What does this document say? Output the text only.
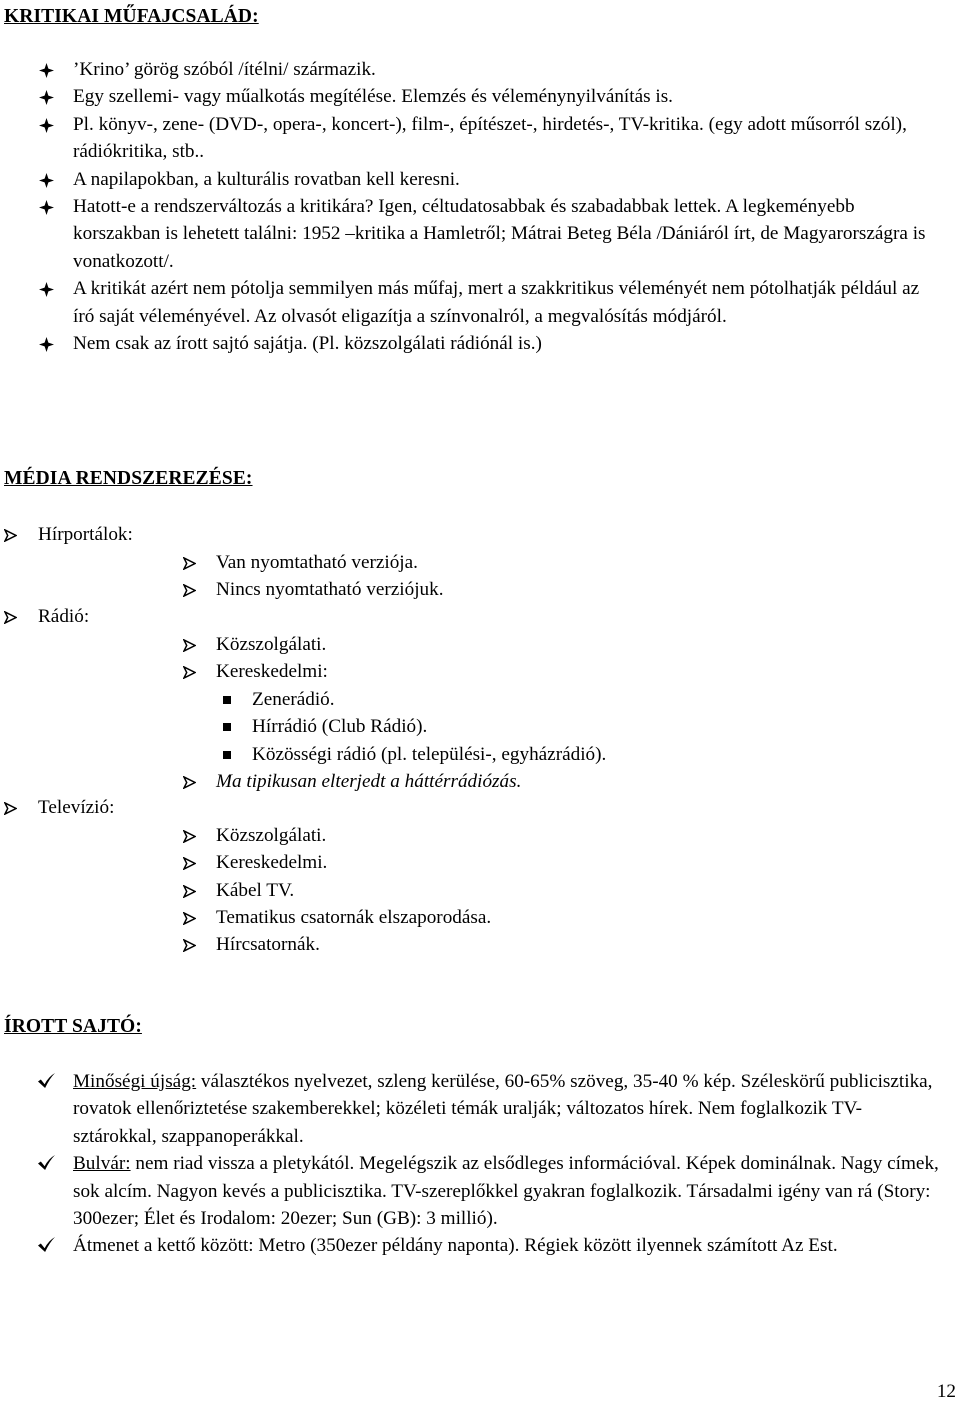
KRITIKAI MŰFAJCSALÁD:
’Krino’ görög szóból /ítélni/ származik.
Egy szellemi- vagy műalkotás megítélése. Elemzés és véleménynyilvánítás is.
Pl. könyv-, zene- (DVD-, opera-, koncert-), film-, építészet-, hirdetés-, TV-kritika. (egy adott műsorról szól), rádiókritika, stb..
A napilapokban, a kulturális rovatban kell keresni.
Hatott-e a rendszerváltozás a kritikára? Igen, céltudatosabbak és szabadabbak lettek. A legkeményebb korszakban is lehetett találni: 1952 –kritika a Hamletről; Mátrai Beteg Béla /Dániáról írt, de Magyarországra is vonatkozott/.
A kritikát azért nem pótolja semmilyen más műfaj, mert a szakkritikus véleményét nem pótolhatják például az író saját véleményével. Az olvasót eligazítja a színvonalról, a megvalósítás módjáról.
Nem csak az írott sajtó sajátja. (Pl. közszolgálati rádiónál is.)
MÉDIA RENDSZEREZÉSE:
Hírportálok:
Van nyomtatható verziója.
Nincs nyomtatható verziójuk.
Rádió:
Közszolgálati.
Kereskedelmi:
Zenerádió.
Hírrádió (Club Rádió).
Közösségi rádió (pl. települési-, egyházrádió).
Ma tipikusan elterjedt a háttérrádiózás.
Televízió:
Közszolgálati.
Kereskedelmi.
Kábel TV.
Tematikus csatornák elszaporodása.
Hírcsatornák.
ÍROTT SAJTÓ:
Minőségi újság: választékos nyelvezet, szleng kerülése, 60-65% szöveg, 35-40 % kép. Széleskörű publicisztika, rovatok ellenőriztetése szakemberekkel; közéleti témák uralják; változatos hírek. Nem foglalkozik TV-sztárokkal, szappanoperákkal.
Bulvár: nem riad vissza a pletykától. Megelégszik az elsődleges információval. Képek dominálnak. Nagy címek, sok alcím. Nagyon kevés a publicisztika. TV-szereplőkkel gyakran foglalkozik. Társadalmi igény van rá (Story: 300ezer; Élet és Irodalom: 20ezer; Sun (GB): 3 millió).
Átmenet a kettő között: Metro (350ezer példány naponta). Régiek között ilyennek számított Az Est.
12
